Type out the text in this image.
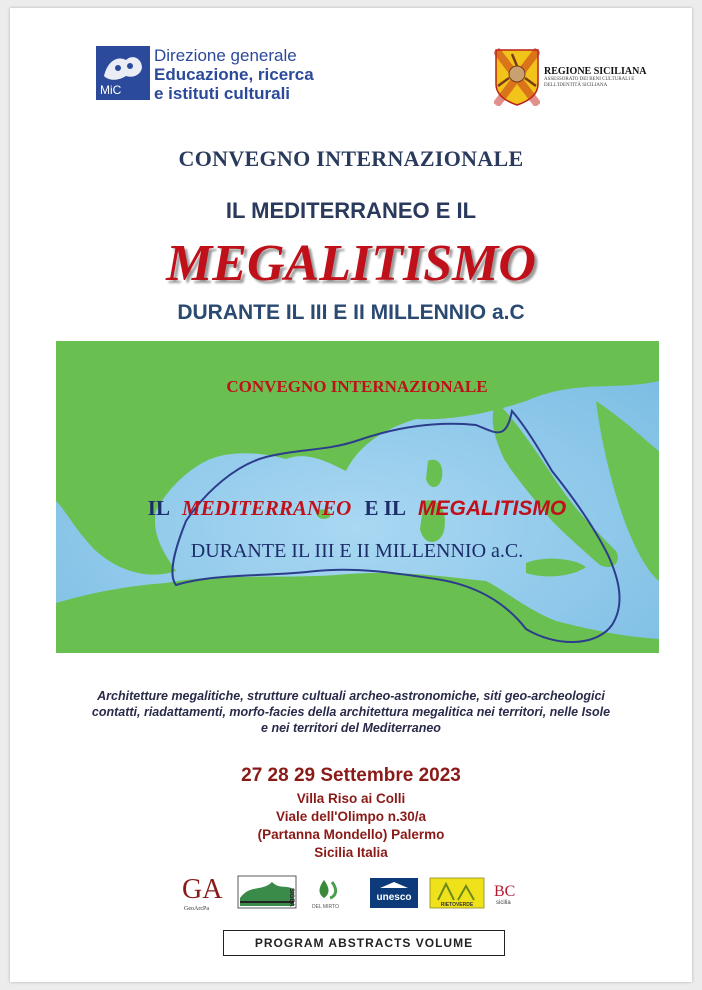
MiC
Direzione generale
Educazione, ricerca
e istituti culturali
REGIONE SICILIANA
ASSESSORATO DEI BENI CULTURALI E DELL'IDENTITÀ SICILIANA
CONVEGNO INTERNAZIONALE
IL MEDITERRANEO E IL
MEGALITISMO
DURANTE IL III E II MILLENNIO a.C
CONVEGNO INTERNAZIONALE
IL MEDITERRANEO E IL MEGALITISMO
DURANTE IL III E II MILLENNIO a.C.
Architetture megalitiche, strutture cultuali archeo-astronomiche, siti geo-archeologici
contatti, riadattamenti, morfo-facies della architettura megalitica nei territori, nelle Isole
e nei territori del Mediterraneo
27 28 29 Settembre 2023
Villa Riso ai Colli
Viale dell'Olimpo n.30/a
(Partanna Mondello) Palermo
Sicilia Italia
GA
GeoArcPa
SIGEA
DEL MIRTO
unesco
RIETOVERDE
BC
sicilia
PROGRAM ABSTRACTS VOLUME
